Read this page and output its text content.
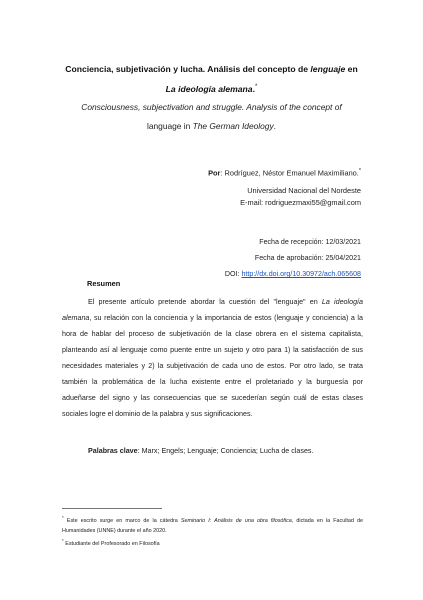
Conciencia, subjetivación y lucha. Análisis del concepto de lenguaje en
La ideología alemana.*
Consciousness, subjectivation and struggle. Analysis of the concept of
language in The German Ideology.
Por: Rodríguez, Néstor Emanuel Maximiliano.*
Universidad Nacional del Nordeste
E-mail: rodriguezmaxi55@gmail.com
Fecha de recepción: 12/03/2021
Fecha de aprobación: 25/04/2021
DOI: http://dx.doi.org/10.30972/ach.065608
Resumen

El presente artículo pretende abordar la cuestión del "lenguaje" en La ideología alemana, su relación con la conciencia y la importancia de estos (lenguaje y conciencia) a la hora de hablar del proceso de subjetivación de la clase obrera en el sistema capitalista, planteando así al lenguaje como puente entre un sujeto y otro para 1) la satisfacción de sus necesidades materiales y 2) la subjetivación de cada uno de estos. Por otro lado, se trata también la problemática de la lucha existente entre el proletariado y la burguesía por adueñarse del signo y las consecuencias que se sucederían según cuál de estas clases sociales logre el dominio de la palabra y sus significaciones.

Palabras clave: Marx; Engels; Lenguaje; Conciencia; Lucha de clases.

* Este escrito surge en marco de la cátedra Seminario I: Análisis de una obra filosófica, dictada en la Facultad de Humanidades (UNNE) durante el año 2020.

* Estudiante del Profesorado en Filosofía
